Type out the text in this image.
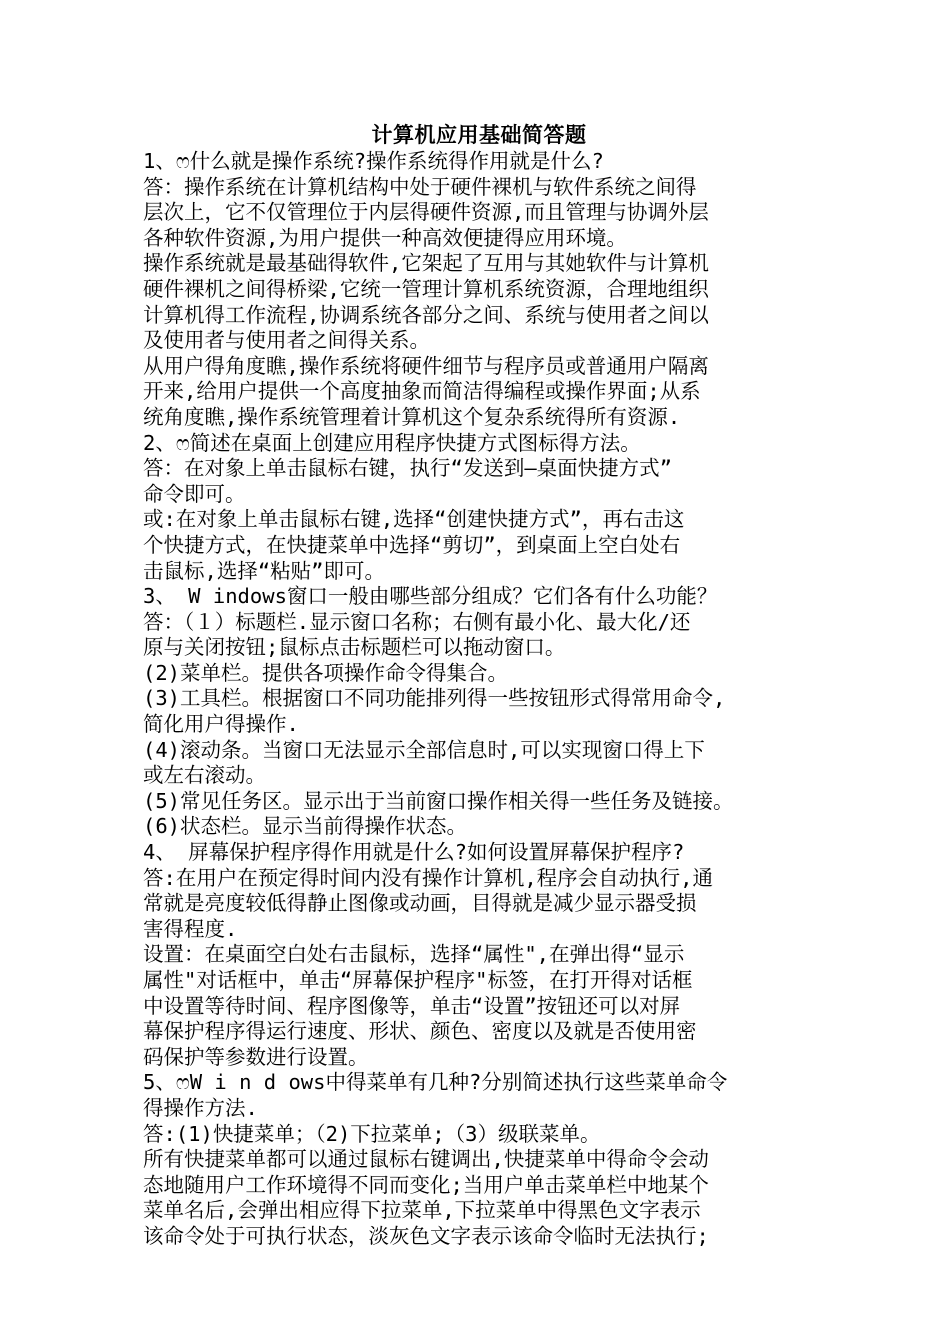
计算机应用基础简答题
1、ෆ什么就是操作系统?操作系统得作用就是什么?
答：操作系统在计算机结构中处于硬件裸机与软件系统之间得
层次上，它不仅管理位于内层得硬件资源,而且管理与协调外层
各种软件资源,为用户提供一种高效便捷得应用环境。
操作系统就是最基础得软件,它架起了互用与其她软件与计算机
硬件裸机之间得桥梁,它统一管理计算机系统资源，合理地组织
计算机得工作流程,协调系统各部分之间、系统与使用者之间以
及使用者与使用者之间得关系。
从用户得角度瞧,操作系统将硬件细节与程序员或普通用户隔离
开来,给用户提供一个高度抽象而简洁得编程或操作界面;从系
统角度瞧,操作系统管理着计算机这个复杂系统得所有资源.
2、ෆ简述在桌面上创建应用程序快捷方式图标得方法。
答：在对象上单击鼠标右键，执行“发送到—桌面快捷方式”
命令即可。
或:在对象上单击鼠标右键,选择“创建快捷方式”，再右击这
个快捷方式，在快捷菜单中选择“剪切”，到桌面上空白处右
击鼠标,选择“粘贴”即可。
3、 W indows窗口一般由哪些部分组成？它们各有什么功能？
答：（１）标题栏.显示窗口名称；右侧有最小化、最大化/还
原与关闭按钮;鼠标点击标题栏可以拖动窗口。
(2)菜单栏。提供各项操作命令得集合。
(3)工具栏。根据窗口不同功能排列得一些按钮形式得常用命令,
简化用户得操作.
(4)滚动条。当窗口无法显示全部信息时,可以实现窗口得上下
或左右滚动。
(5)常见任务区。显示出于当前窗口操作相关得一些任务及链接。
(6)状态栏。显示当前得操作状态。
4、 屏幕保护程序得作用就是什么?如何设置屏幕保护程序?
答:在用户在预定得时间内没有操作计算机,程序会自动执行,通
常就是亮度较低得静止图像或动画，目得就是减少显示器受损
害得程度.
设置：在桌面空白处右击鼠标，选择“属性",在弹出得“显示
属性"对话框中，单击“屏幕保护程序"标签，在打开得对话框
中设置等待时间、程序图像等，单击“设置”按钮还可以对屏
幕保护程序得运行速度、形状、颜色、密度以及就是否使用密
码保护等参数进行设置。
5、ෆW i n d ows中得菜单有几种?分别简述执行这些菜单命令
得操作方法.
答:(1)快捷菜单；（2)下拉菜单;（3）级联菜单。
所有快捷菜单都可以通过鼠标右键调出,快捷菜单中得命令会动
态地随用户工作环境得不同而变化;当用户单击菜单栏中地某个
菜单名后,会弹出相应得下拉菜单,下拉菜单中得黑色文字表示
该命令处于可执行状态，淡灰色文字表示该命令临时无法执行;
